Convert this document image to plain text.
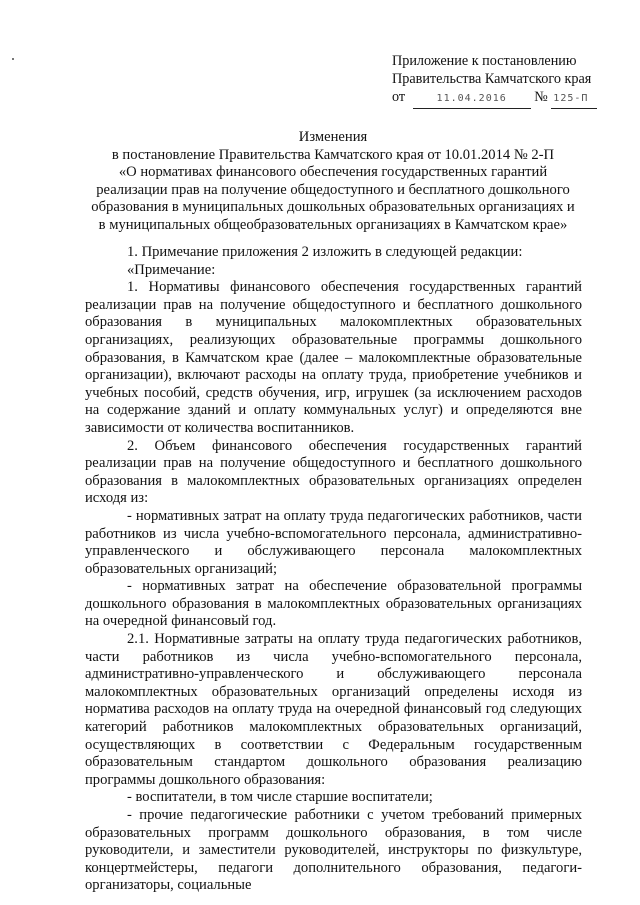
Приложение к постановлению
Правительства Камчатского края
от	11.04.2016 № 125-П
Изменения
в постановление Правительства Камчатского края от 10.01.2014 № 2-П
«О нормативах финансового обеспечения государственных гарантий
реализации прав на получение общедоступного и бесплатного дошкольного
образования в муниципальных дошкольных образовательных организациях и
в муниципальных общеобразовательных организациях в Камчатском крае»

1. Примечание приложения 2 изложить в следующей редакции:

«Примечание:

1. Нормативы финансового обеспечения государственных гарантий реализации прав на получение общедоступного и бесплатного дошкольного образования в муниципальных малокомплектных образовательных организациях, реализующих образовательные программы дошкольного образования, в Камчатском крае (далее – малокомплектные образовательные организации), включают расходы на оплату труда, приобретение учебников и учебных пособий, средств обучения, игр, игрушек (за исключением расходов на содержание зданий и оплату коммунальных услуг) и определяются вне зависимости от количества воспитанников.

2. Объем финансового обеспечения государственных гарантий реализации прав на получение общедоступного и бесплатного дошкольного образования в малокомплектных образовательных организациях определен исходя из:

- нормативных затрат на оплату труда педагогических работников, части работников из числа учебно-вспомогательного персонала, административно-управленческого и обслуживающего персонала малокомплектных образовательных организаций;

- нормативных затрат на обеспечение образовательной программы дошкольного образования в малокомплектных образовательных организациях на очередной финансовый год.

2.1. Нормативные затраты на оплату труда педагогических работников, части работников из числа учебно-вспомогательного персонала, административно-управленческого и обслуживающего персонала малокомплектных образовательных организаций определены исходя из норматива расходов на оплату труда на очередной финансовый год следующих категорий работников малокомплектных образовательных организаций, осуществляющих в соответствии с Федеральным государственным образовательным стандартом дошкольного образования реализацию программы дошкольного образования:

- воспитатели, в том числе старшие воспитатели;

- прочие педагогические работники с учетом требований примерных образовательных программ дошкольного образования, в том числе руководители, и заместители руководителей, инструкторы по физкультуре, концертмейстеры, педагоги дополнительного образования, педагоги-организаторы, социальные
